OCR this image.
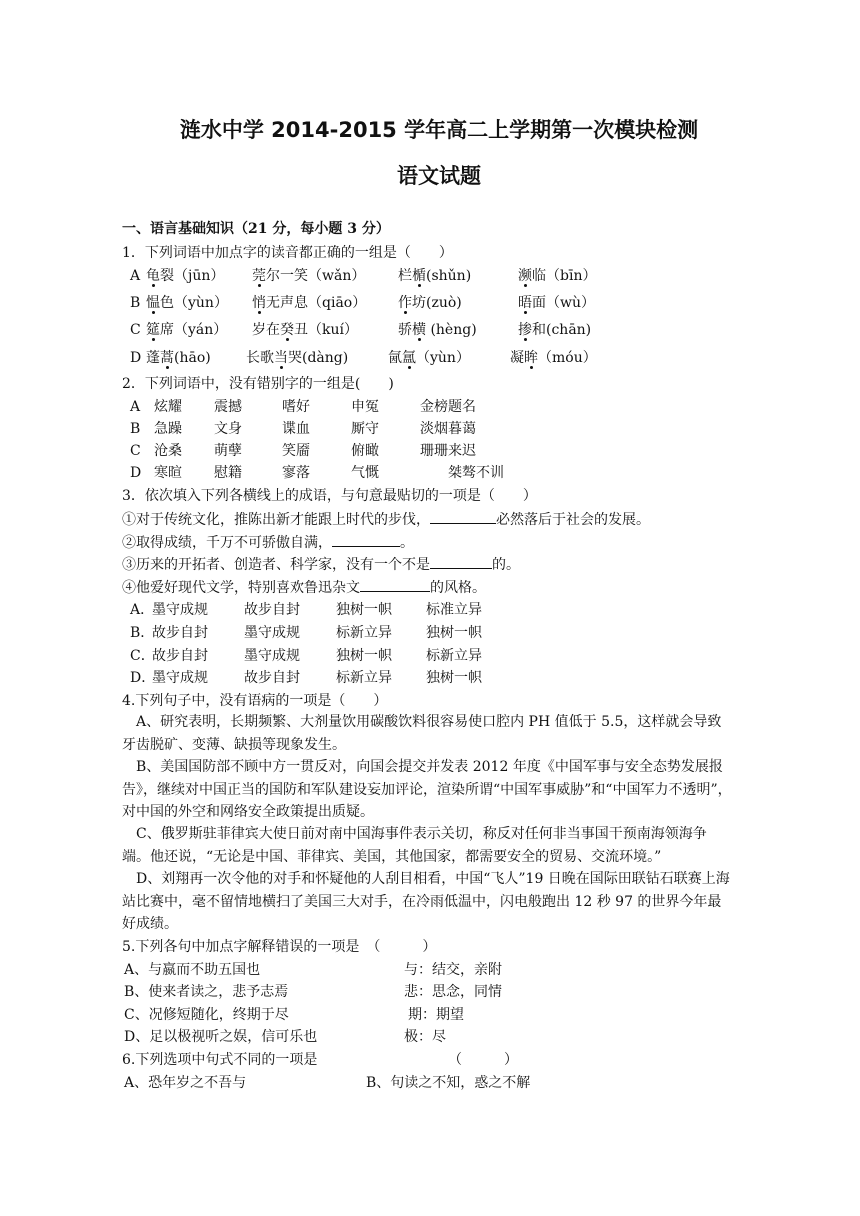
涟水中学 2014-2015 学年高二上学期第一次模块检测
语文试题
一、语言基础知识（21 分，每小题 3 分）
1．下列词语中加点字的读音都正确的一组是（　　）
A 龟裂（jūn） 莞尔一笑（wǎn） 栏楯(shǔn)	濒临（bīn）
B 愠色（yùn） 悄无声息（qiāo） 作坊(zuò)	晤面（wù）
C 筵席（yán） 岁在癸丑（kuí）	骄横 (hèng)	掺和(chān)
D 蓬蒿(hāo)	长歌当哭(dàng)	氤氲（yùn）	凝眸（móu）
2．下列词语中，没有错别字的一组是(　　)
A 炫耀 震撼	嗜好	申冤	金榜题名
B 急躁 文身	谍血	厮守	淡烟暮蔼
C 沧桑 萌孽	笑靥	俯瞰	珊珊来迟
D 寒暄 慰籍	寥落	气慨	桀骜不训
3．依次填入下列各横线上的成语，与句意最贴切的一项是（　　）
①对于传统文化，推陈出新才能跟上时代的步伐，	必然落后于社会的发展。
②取得成绩，千万不可骄傲自满，	。
③历来的开拓者、创造者、科学家，没有一个不是	的。
④他爱好现代文学，特别喜欢鲁迅杂文	的风格。
A．
墨守成规	故步自封	独树一帜 标准立异
B．
故步自封	墨守成规	标新立异 独树一帜
C．
故步自封	墨守成规	独树一帜 标新立异
D．
墨守成规	故步自封	标新立异 独树一帜
4.下列句子中，没有语病的一项是（　　）
　A、研究表明，长期频繁、大剂量饮用碳酸饮料很容易使口腔内 PH 值低于 5.5，这样就会导致牙齿脱矿、变薄、缺损等现象发生。
　B、美国国防部不顾中方一贯反对，向国会提交并发表 2012 年度《中国军事与安全态势发展报告》，继续对中国正当的国防和军队建设妄加评论，渲染所谓“中国军事威胁”和“中国军力不透明”，对中国的外空和网络安全政策提出质疑。
　C、俄罗斯驻菲律宾大使日前对南中国海事件表示关切，称反对任何非当事国干预南海领海争端。他还说，“无论是中国、菲律宾、美国，其他国家，都需要安全的贸易、交流环境。”
　D、刘翔再一次令他的对手和怀疑他的人刮目相看，中国“飞人”19 日晚在国际田联钻石联赛上海站比赛中，毫不留情地横扫了美国三大对手，在冷雨低温中，闪电般跑出 12 秒 97 的世界今年最好成绩。
5.下列各句中加点字解释错误的一项是　（　　　）
A、与嬴而不助五国也	与：结交，亲附
B、使来者读之，悲予志焉	悲：思念，同情
C、况修短随化，终期于尽	期：期望
D、足以极视听之娱，信可乐也	极：尽
6.下列选项中句式不同的一项是	（　　　）
A、恐年岁之不吾与	B、句读之不知，惑之不解
